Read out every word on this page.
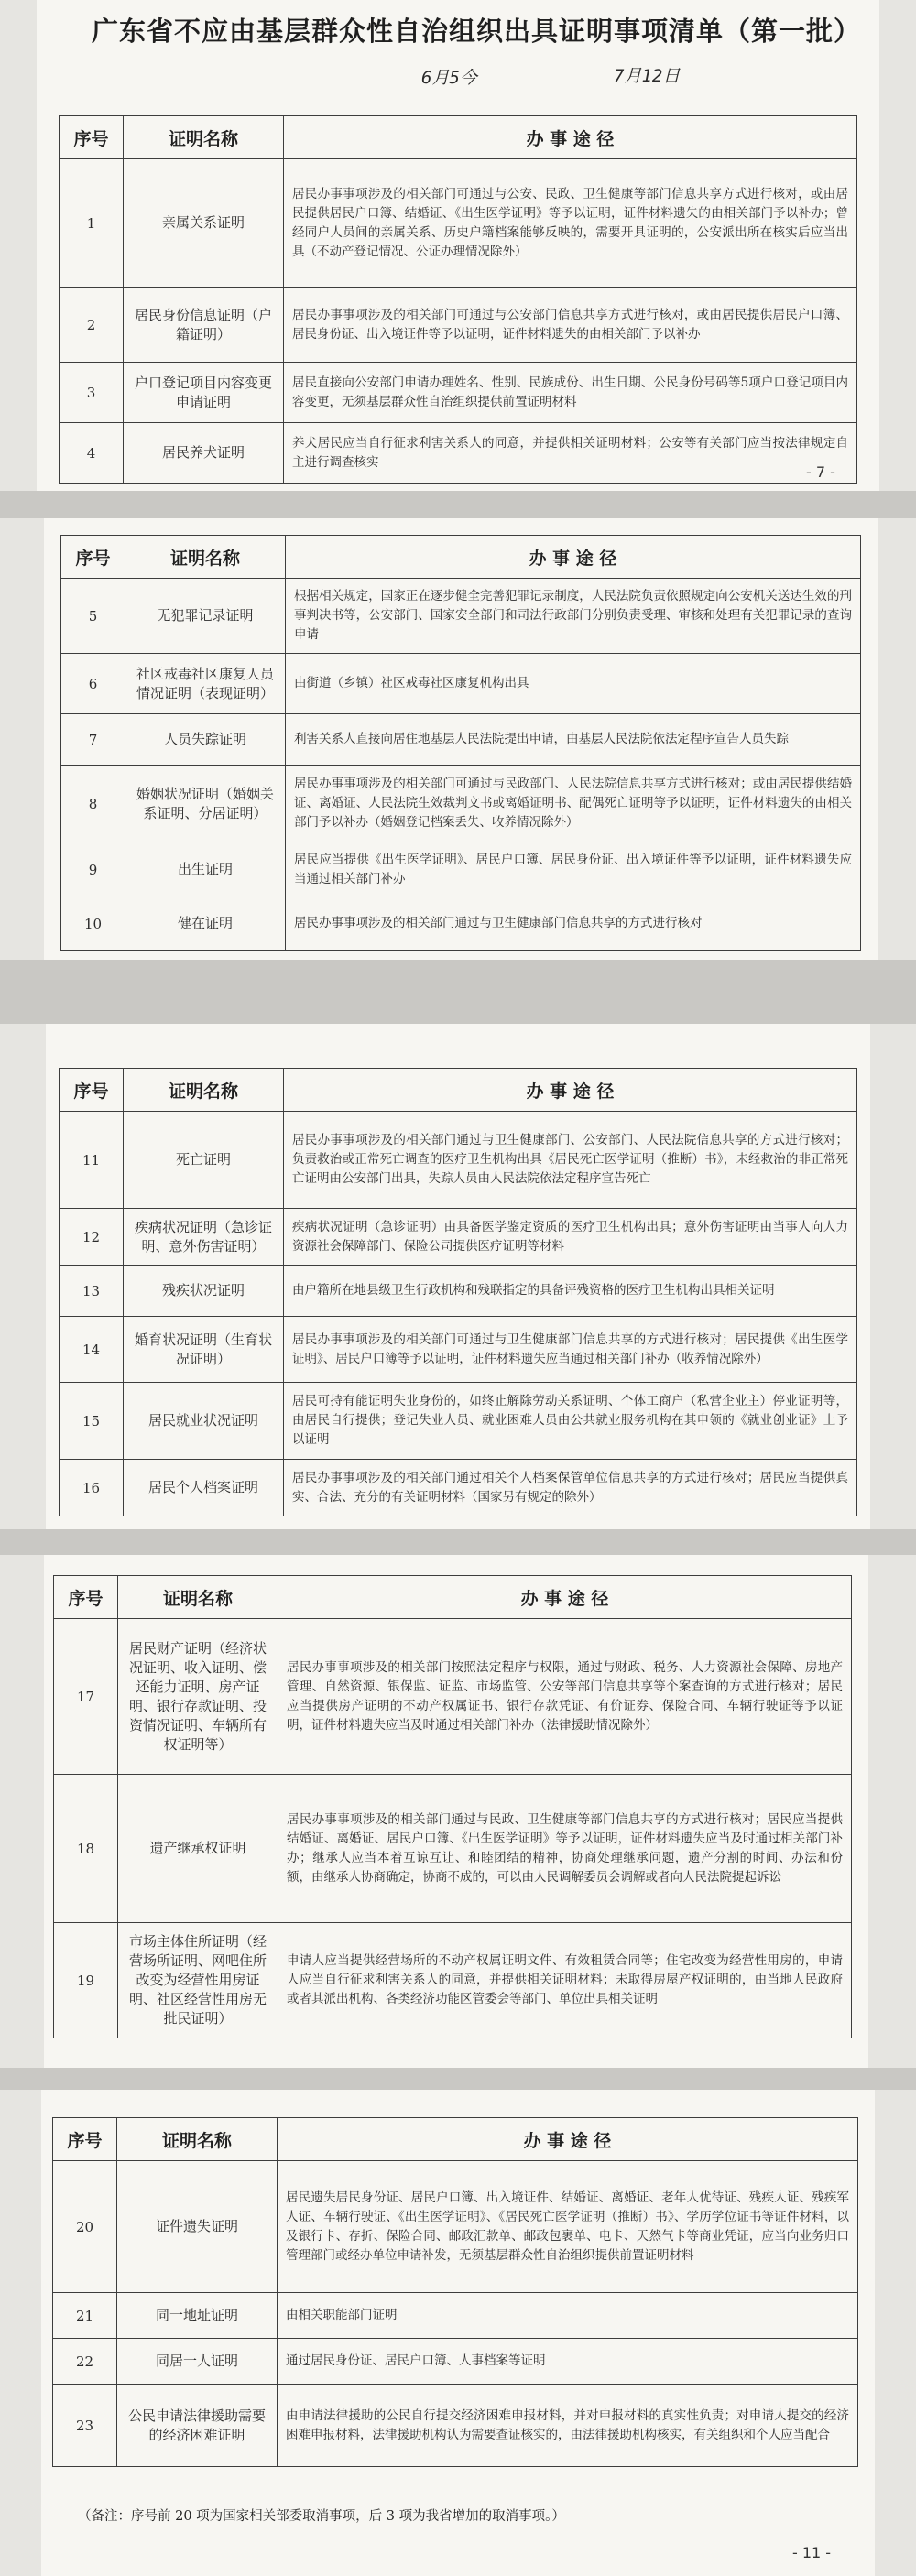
广东省不应由基层群众性自治组织出具证明事项清单（第一批）
6月5今	7月12日
序号	证明名称	办 事 途 径
1	亲属关系证明	居民办事事项涉及的相关部门可通过与公安、民政、卫生健康等部门信息共享方式进行核对，或由居民提供居民户口簿、结婚证、《出生医学证明》等予以证明，证件材料遗失的由相关部门予以补办；曾经同户人员间的亲属关系、历史户籍档案能够反映的，需要开具证明的，公安派出所在核实后应当出具（不动产登记情况、公证办理情况除外）
2	居民身份信息证明（户籍证明）	居民办事事项涉及的相关部门可通过与公安部门信息共享方式进行核对，或由居民提供居民户口簿、居民身份证、出入境证件等予以证明，证件材料遗失的由相关部门予以补办
3	户口登记项目内容变更申请证明	居民直接向公安部门申请办理姓名、性别、民族成份、出生日期、公民身份号码等5项户口登记项目内容变更，无须基层群众性自治组织提供前置证明材料
4	居民养犬证明	养犬居民应当自行征求利害关系人的同意，并提供相关证明材料；公安等有关部门应当按法律规定自主进行调查核实
- 7 -
序号	证明名称	办 事 途 径
5	无犯罪记录证明	根据相关规定，国家正在逐步健全完善犯罪记录制度，人民法院负责依照规定向公安机关送达生效的刑事判决书等，公安部门、国家安全部门和司法行政部门分别负责受理、审核和处理有关犯罪记录的查询申请
6	社区戒毒社区康复人员情况证明（表现证明）	由街道（乡镇）社区戒毒社区康复机构出具
7	人员失踪证明	利害关系人直接向居住地基层人民法院提出申请，由基层人民法院依法定程序宣告人员失踪
8	婚姻状况证明（婚姻关系证明、分居证明）	居民办事事项涉及的相关部门可通过与民政部门、人民法院信息共享方式进行核对；或由居民提供结婚证、离婚证、人民法院生效裁判文书或离婚证明书、配偶死亡证明等予以证明，证件材料遗失的由相关部门予以补办（婚姻登记档案丢失、收养情况除外）
9	出生证明	居民应当提供《出生医学证明》、居民户口簿、居民身份证、出入境证件等予以证明，证件材料遗失应当通过相关部门补办
10	健在证明	居民办事事项涉及的相关部门通过与卫生健康部门信息共享的方式进行核对
序号	证明名称	办 事 途 径
11	死亡证明	居民办事事项涉及的相关部门通过与卫生健康部门、公安部门、人民法院信息共享的方式进行核对；负责救治或正常死亡调查的医疗卫生机构出具《居民死亡医学证明（推断）书》，未经救治的非正常死亡证明由公安部门出具，失踪人员由人民法院依法定程序宣告死亡
12	疾病状况证明（急诊证明、意外伤害证明）	疾病状况证明（急诊证明）由具备医学鉴定资质的医疗卫生机构出具；意外伤害证明由当事人向人力资源社会保障部门、保险公司提供医疗证明等材料
13	残疾状况证明	由户籍所在地县级卫生行政机构和残联指定的具备评残资格的医疗卫生机构出具相关证明
14	婚育状况证明（生育状况证明）	居民办事事项涉及的相关部门可通过与卫生健康部门信息共享的方式进行核对；居民提供《出生医学证明》、居民户口簿等予以证明，证件材料遗失应当通过相关部门补办（收养情况除外）
15	居民就业状况证明	居民可持有能证明失业身份的，如终止解除劳动关系证明、个体工商户（私营企业主）停业证明等，由居民自行提供；登记失业人员、就业困难人员由公共就业服务机构在其申领的《就业创业证》上予以证明
16	居民个人档案证明	居民办事事项涉及的相关部门通过相关个人档案保管单位信息共享的方式进行核对；居民应当提供真实、合法、充分的有关证明材料（国家另有规定的除外）
序号	证明名称	办 事 途 径
17	居民财产证明（经济状况证明、收入证明、偿还能力证明、房产证明、银行存款证明、投资情况证明、车辆所有权证明等）	居民办事事项涉及的相关部门按照法定程序与权限，通过与财政、税务、人力资源社会保障、房地产管理、自然资源、银保监、证监、市场监管、公安等部门信息共享等个案查询的方式进行核对；居民应当提供房产证明的不动产权属证书、银行存款凭证、有价证券、保险合同、车辆行驶证等予以证明，证件材料遗失应当及时通过相关部门补办（法律援助情况除外）
18	遗产继承权证明	居民办事事项涉及的相关部门通过与民政、卫生健康等部门信息共享的方式进行核对；居民应当提供结婚证、离婚证、居民户口簿、《出生医学证明》等予以证明，证件材料遗失应当及时通过相关部门补办；继承人应当本着互谅互让、和睦团结的精神，协商处理继承问题，遗产分割的时间、办法和份额，由继承人协商确定，协商不成的，可以由人民调解委员会调解或者向人民法院提起诉讼
19	市场主体住所证明（经营场所证明、网吧住所改变为经营性用房证明、社区经营性用房无批民证明）	申请人应当提供经营场所的不动产权属证明文件、有效租赁合同等；住宅改变为经营性用房的，申请人应当自行征求利害关系人的同意，并提供相关证明材料；未取得房屋产权证明的，由当地人民政府或者其派出机构、各类经济功能区管委会等部门、单位出具相关证明
序号	证明名称	办 事 途 径
20	证件遗失证明	居民遗失居民身份证、居民户口簿、出入境证件、结婚证、离婚证、老年人优待证、残疾人证、残疾军人证、车辆行驶证、《出生医学证明》、《居民死亡医学证明（推断）书》、学历学位证书等证件材料，以及银行卡、存折、保险合同、邮政汇款单、邮政包裹单、电卡、天然气卡等商业凭证，应当向业务归口管理部门或经办单位申请补发，无须基层群众性自治组织提供前置证明材料
21	同一地址证明	由相关职能部门证明
22	同居一人证明	通过居民身份证、居民户口簿、人事档案等证明
23	公民申请法律援助需要的经济困难证明	由申请法律援助的公民自行提交经济困难申报材料，并对申报材料的真实性负责；对申请人提交的经济困难申报材料，法律援助机构认为需要查证核实的，由法律援助机构核实，有关组织和个人应当配合
（备注：序号前 20 项为国家相关部委取消事项，后 3 项为我省增加的取消事项。）
- 11 -
